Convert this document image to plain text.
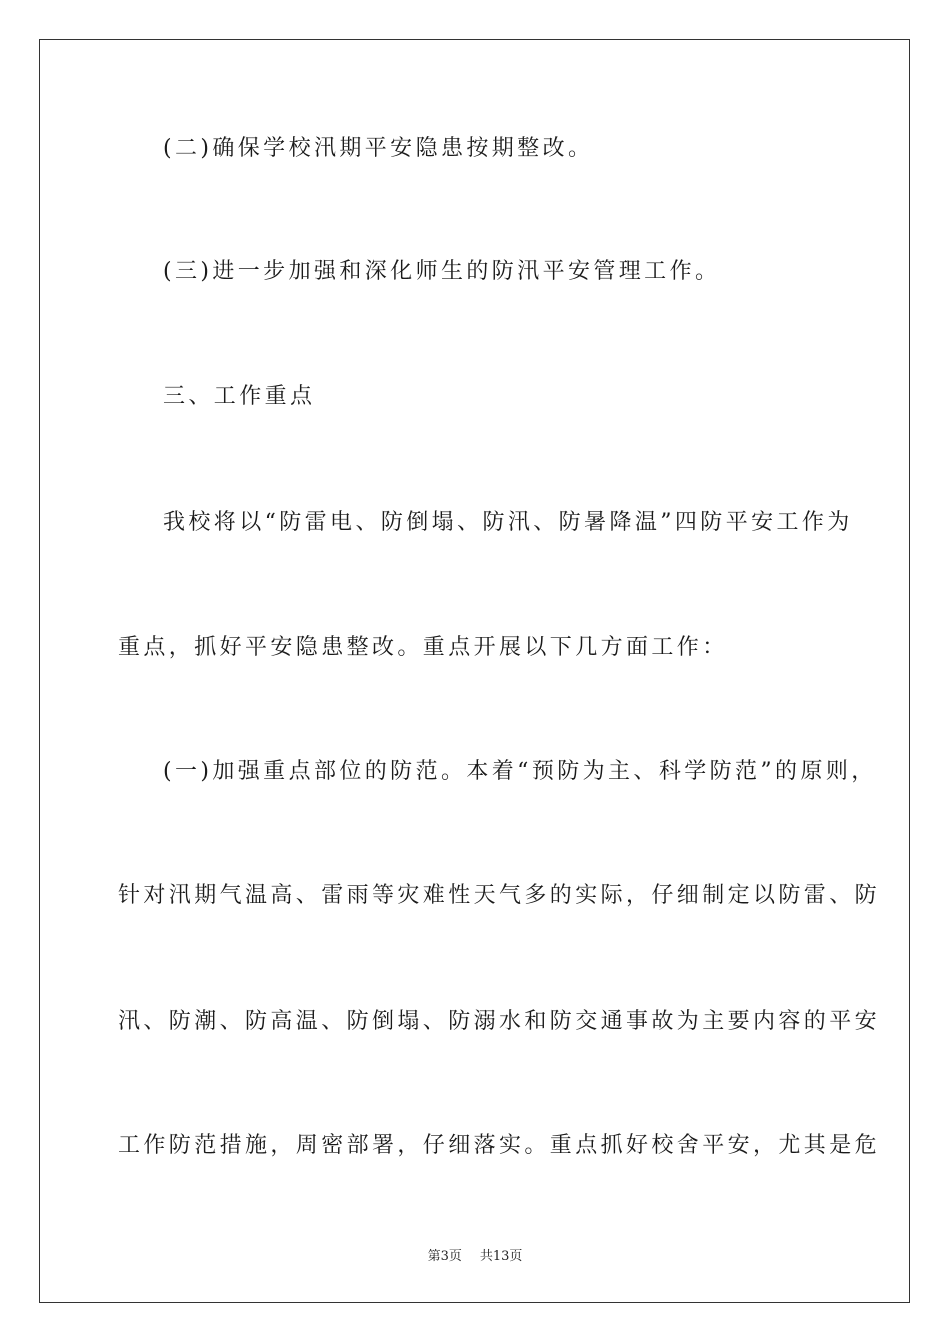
(二)确保学校汛期平安隐患按期整改。
(三)进一步加强和深化师生的防汛平安管理工作。
三、工作重点
我校将以“防雷电、防倒塌、防汛、防暑降温”四防平安工作为
重点，抓好平安隐患整改。重点开展以下几方面工作：
(一)加强重点部位的防范。本着“预防为主、科学防范”的原则，
针对汛期气温高、雷雨等灾难性天气多的实际，仔细制定以防雷、防
汛、防潮、防高温、防倒塌、防溺水和防交通事故为主要内容的平安
工作防范措施，周密部署，仔细落实。重点抓好校舍平安，尤其是危
第3页 共13页
